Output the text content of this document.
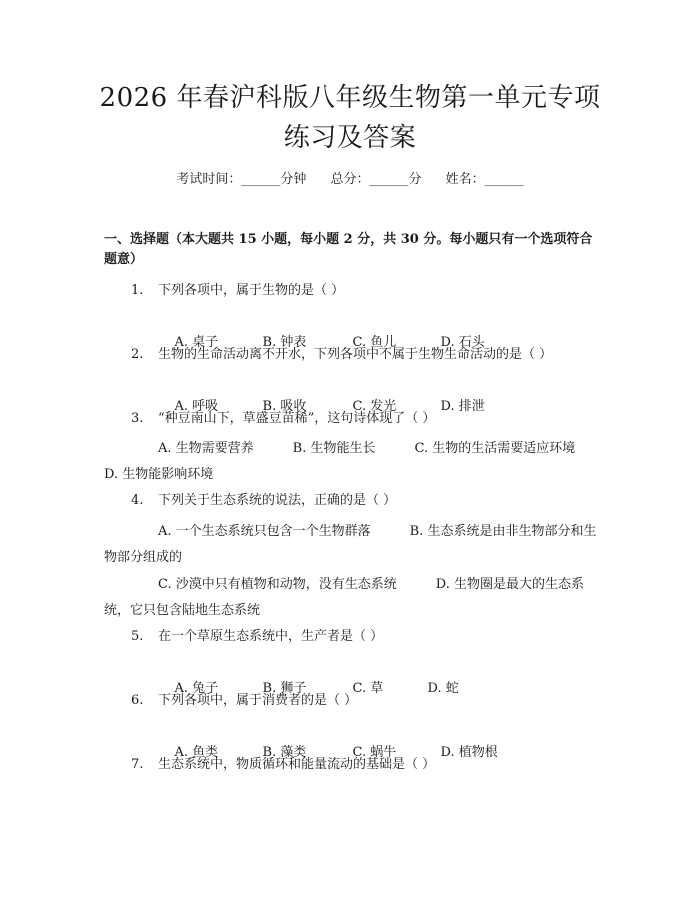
2026 年春沪科版八年级生物第一单元专项练习及答案
考试时间：______分钟 总分：______分 姓名：______
一、选择题（本大题共 15 小题，每小题 2 分，共 30 分。每小题只有一个选项符合题意）
1. 下列各项中，属于生物的是（ ）

A. 桌子	B. 钟表	C. 鱼儿	D. 石头

2. 生物的生命活动离不开水，下列各项中不属于生物生命活动的是（ ）

A. 呼吸	B. 吸收	C. 发光	D. 排泄

3. “种豆南山下，草盛豆苗稀”，这句诗体现了（ ）
A. 生物需要营养   	B. 生物能生长   	C. 生物的生活需要适应环境 D. 生物能影响环境
4. 下列关于生态系统的说法，正确的是（ ）
A. 一个生态系统只包含一个生物群落   	B. 生态系统是由非生物部分和生物部分组成的
C. 沙漠中只有植物和动物，没有生态系统   	D. 生物圈是最大的生态系统，它只包含陆地生态系统
5. 在一个草原生态系统中，生产者是（ ）

A. 兔子	B. 狮子	C. 草	D. 蛇

6. 下列各项中，属于消费者的是（ ）

A. 鱼类	B. 藻类	C. 蜗牛	D. 植物根

7. 生态系统中，物质循环和能量流动的基础是（ ）
